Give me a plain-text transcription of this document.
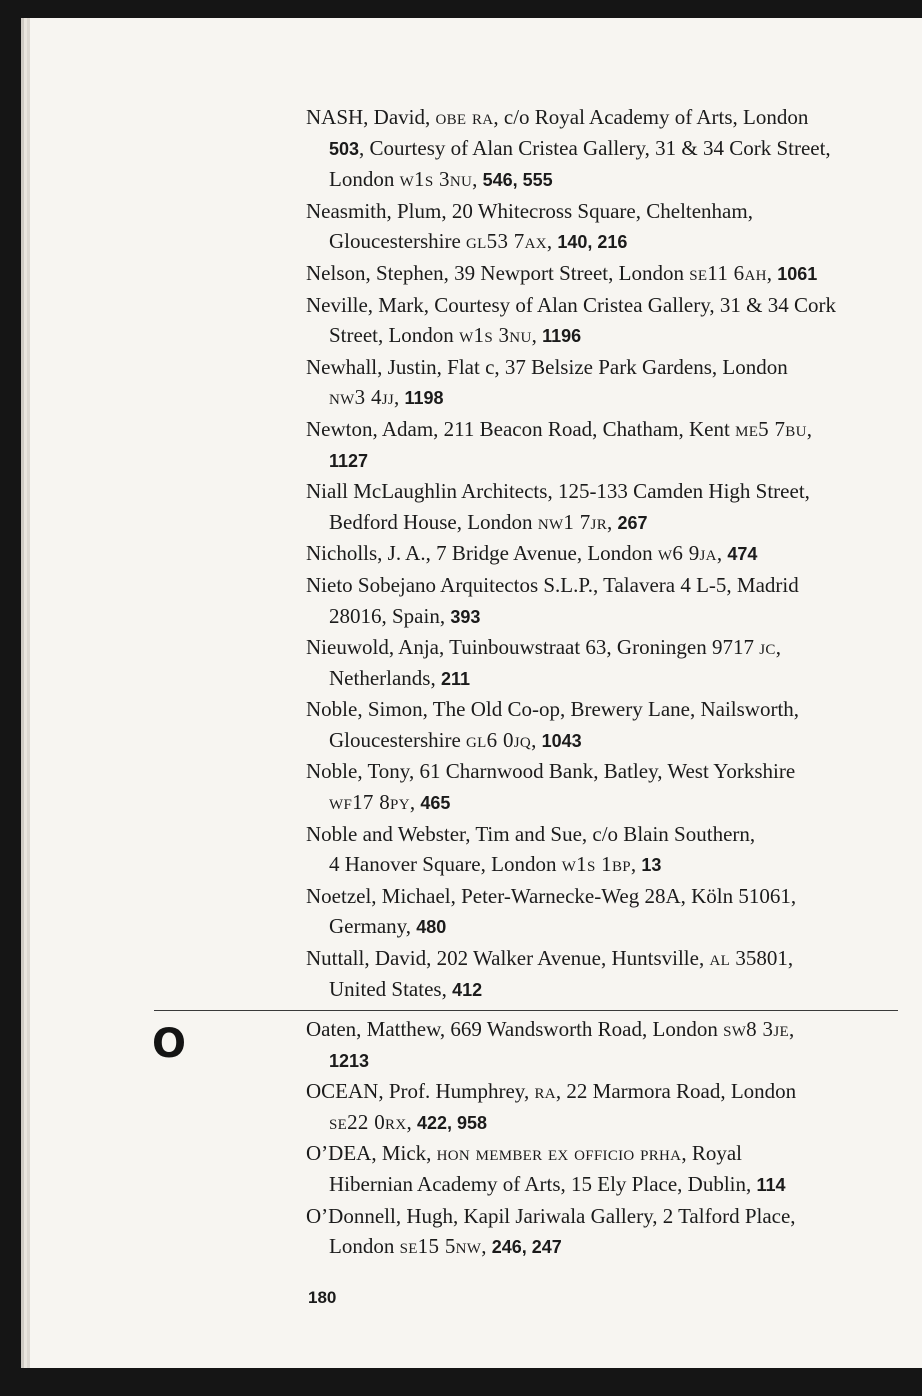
NASH, David, obe ra, c/o Royal Academy of Arts, London
503, Courtesy of Alan Cristea Gallery, 31 & 34 Cork Street,
London w1s 3nu, 546, 555
Neasmith, Plum, 20 Whitecross Square, Cheltenham,
Gloucestershire gl53 7ax, 140, 216
Nelson, Stephen, 39 Newport Street, London se11 6ah, 1061
Neville, Mark, Courtesy of Alan Cristea Gallery, 31 & 34 Cork
Street, London w1s 3nu, 1196
Newhall, Justin, Flat c, 37 Belsize Park Gardens, London
nw3 4jj, 1198
Newton, Adam, 211 Beacon Road, Chatham, Kent me5 7bu,
1127
Niall McLaughlin Architects, 125-133 Camden High Street,
Bedford House, London nw1 7jr, 267
Nicholls, J. A., 7 Bridge Avenue, London w6 9ja, 474
Nieto Sobejano Arquitectos S.L.P., Talavera 4 L-5, Madrid
28016, Spain, 393
Nieuwold, Anja, Tuinbouwstraat 63, Groningen 9717 jc,
Netherlands, 211
Noble, Simon, The Old Co-op, Brewery Lane, Nailsworth,
Gloucestershire gl6 0jq, 1043
Noble, Tony, 61 Charnwood Bank, Batley, West Yorkshire
wf17 8py, 465
Noble and Webster, Tim and Sue, c/o Blain Southern,
4 Hanover Square, London w1s 1bp, 13
Noetzel, Michael, Peter-Warnecke-Weg 28A, Köln 51061,
Germany, 480
Nuttall, David, 202 Walker Avenue, Huntsville, al 35801,
United States, 412
O	Oaten, Matthew, 669 Wandsworth Road, London sw8 3je,
1213
OCEAN, Prof. Humphrey, ra, 22 Marmora Road, London
se22 0rx, 422, 958
O’DEA, Mick, hon member ex officio prha, Royal
Hibernian Academy of Arts, 15 Ely Place, Dublin, 114
O’Donnell, Hugh, Kapil Jariwala Gallery, 2 Talford Place,
London se15 5nw, 246, 247
180
